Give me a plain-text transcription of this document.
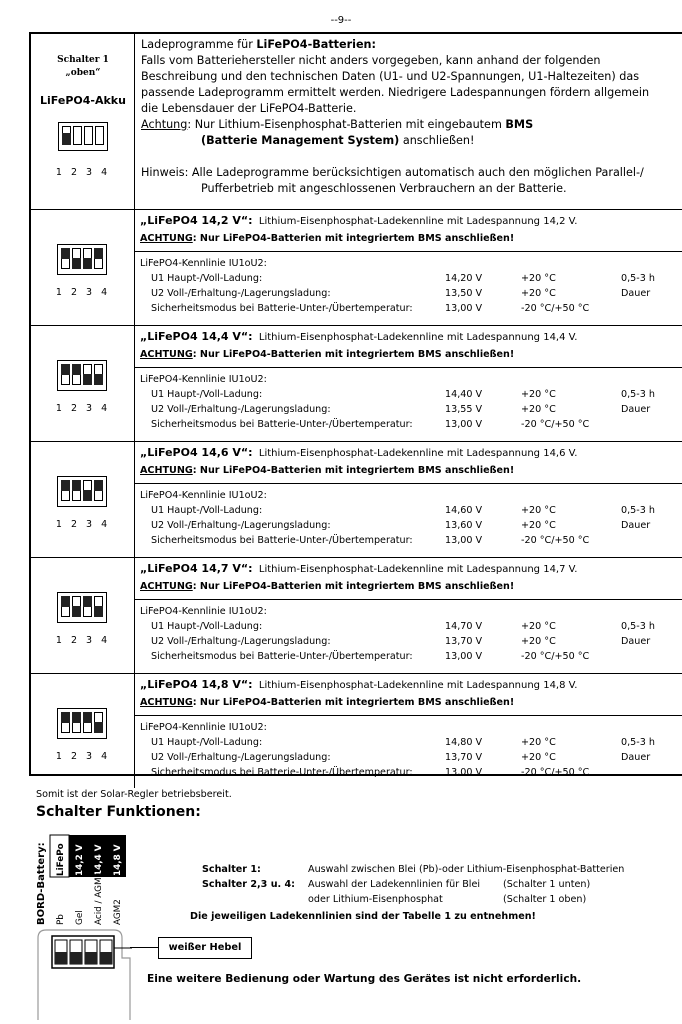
--9--
Schalter 1
„oben“
LiFePO4-Akku
1 2 3 4
Ladeprogramme für LiFePO4-Batterien:
Falls vom Batteriehersteller nicht anders vorgegeben, kann anhand der folgenden
Beschreibung und den technischen Daten (U1- und U2-Spannungen, U1-Haltezeiten) das
passende Ladeprogramm ermittelt werden. Niedrigere Ladespannungen fördern allgemein
die Lebensdauer der LiFePO4-Batterie.
Achtung: Nur Lithium-Eisenphosphat-Batterien mit eingebautem BMS
(Batterie Management System) anschließen!
Hinweis: Alle Ladeprogramme berücksichtigen automatisch auch den möglichen Parallel-/
Pufferbetrieb mit angeschlossenen Verbrauchern an der Batterie.
1 2 3 4
„LiFePO4 14,2 V“: Lithium-Eisenphosphat-Ladekennline mit Ladespannung 14,2 V.
ACHTUNG: Nur LiFePO4-Batterien mit integriertem BMS anschließen!
LiFePO4-Kennlinie IU1oU2:
U1 Haupt-/Voll-Ladung:
U2 Voll-/Erhaltung-/Lagerungsladung:
Sicherheitsmodus bei Batterie-Unter-/Übertemperatur:
14,20 V
13,50 V
13,00 V
+20 °C
+20 °C
-20 °C/+50 °C
0,5-3 h
Dauer
1 2 3 4
„LiFePO4 14,4 V“: Lithium-Eisenphosphat-Ladekennline mit Ladespannung 14,4 V.
ACHTUNG: Nur LiFePO4-Batterien mit integriertem BMS anschließen!
LiFePO4-Kennlinie IU1oU2:
U1 Haupt-/Voll-Ladung:
U2 Voll-/Erhaltung-/Lagerungsladung:
Sicherheitsmodus bei Batterie-Unter-/Übertemperatur:
14,40 V
13,55 V
13,00 V
+20 °C
+20 °C
-20 °C/+50 °C
0,5-3 h
Dauer
1 2 3 4
„LiFePO4 14,6 V“: Lithium-Eisenphosphat-Ladekennline mit Ladespannung 14,6 V.
ACHTUNG: Nur LiFePO4-Batterien mit integriertem BMS anschließen!
LiFePO4-Kennlinie IU1oU2:
U1 Haupt-/Voll-Ladung:
U2 Voll-/Erhaltung-/Lagerungsladung:
Sicherheitsmodus bei Batterie-Unter-/Übertemperatur:
14,60 V
13,60 V
13,00 V
+20 °C
+20 °C
-20 °C/+50 °C
0,5-3 h
Dauer
1 2 3 4
„LiFePO4 14,7 V“: Lithium-Eisenphosphat-Ladekennline mit Ladespannung 14,7 V.
ACHTUNG: Nur LiFePO4-Batterien mit integriertem BMS anschließen!
LiFePO4-Kennlinie IU1oU2:
U1 Haupt-/Voll-Ladung:
U2 Voll-/Erhaltung-/Lagerungsladung:
Sicherheitsmodus bei Batterie-Unter-/Übertemperatur:
14,70 V
13,70 V
13,00 V
+20 °C
+20 °C
-20 °C/+50 °C
0,5-3 h
Dauer
1 2 3 4
„LiFePO4 14,8 V“: Lithium-Eisenphosphat-Ladekennline mit Ladespannung 14,8 V.
ACHTUNG: Nur LiFePO4-Batterien mit integriertem BMS anschließen!
LiFePO4-Kennlinie IU1oU2:
U1 Haupt-/Voll-Ladung:
U2 Voll-/Erhaltung-/Lagerungsladung:
Sicherheitsmodus bei Batterie-Unter-/Übertemperatur:
14,80 V
13,70 V
13,00 V
+20 °C
+20 °C
-20 °C/+50 °C
0,5-3 h
Dauer
Somit ist der Solar-Regler betriebsbereit.
Schalter Funktionen:
BORD-Battery: LiFePo 14,2 V 14,4 V 14,8 V
Pb Gel Acid / AGM1 AGM2
Schalter 1:	Auswahl zwischen Blei (Pb)-oder Lithium-Eisenphosphat-Batterien
Schalter 2,3 u. 4: Auswahl der Ladekennlinien für Blei (Schalter 1 unten)
oder Lithium-Eisenphosphat	(Schalter 1 oben)
Die jeweiligen Ladekennlinien sind der Tabelle 1 zu entnehmen!
weißer Hebel
Eine weitere Bedienung oder Wartung des Gerätes ist nicht erforderlich.
